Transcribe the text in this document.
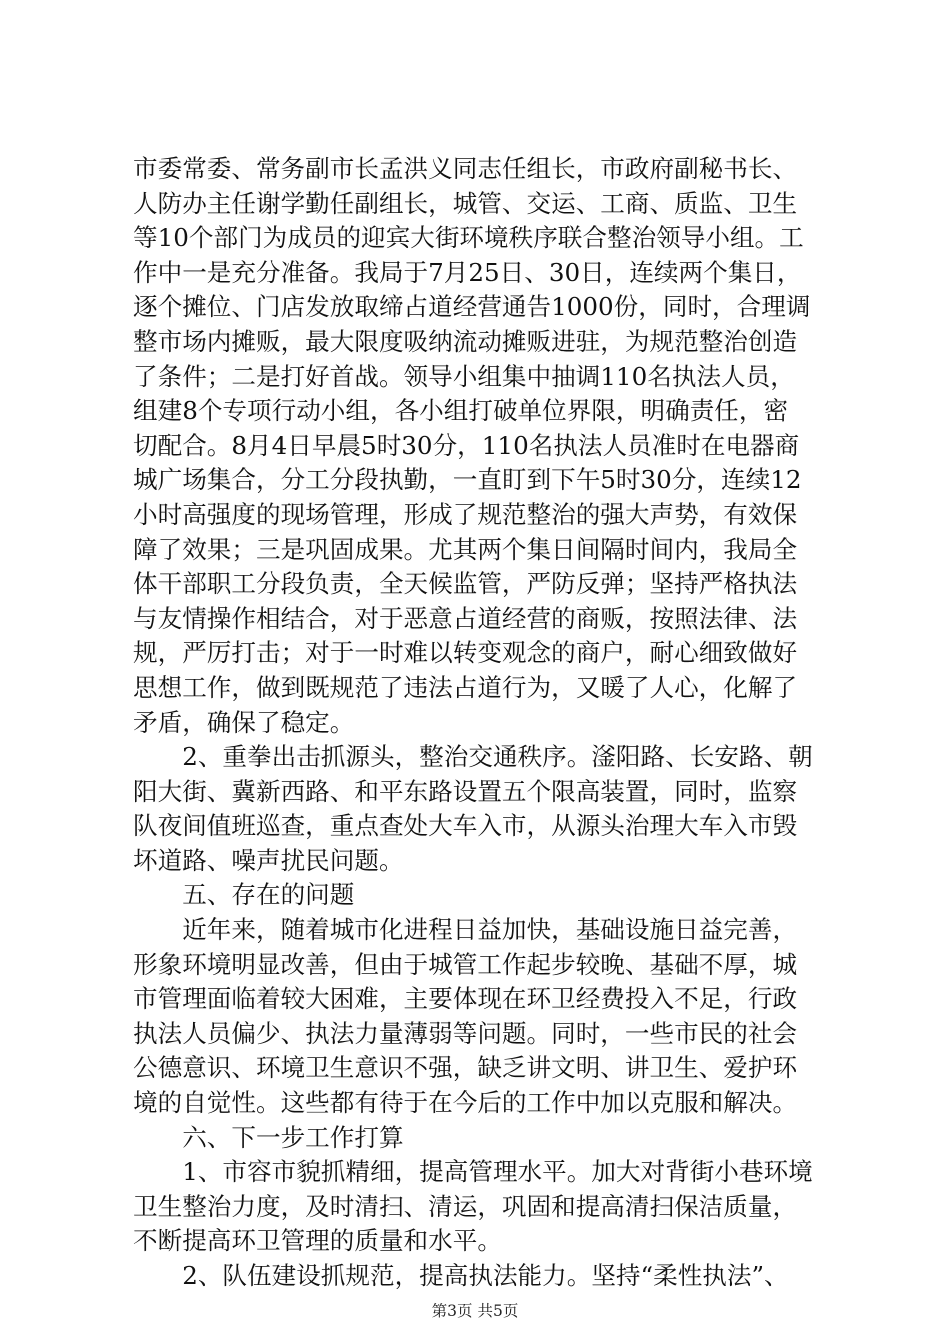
市委常委、常务副市长孟洪义同志任组长，市政府副秘书长、
人防办主任谢学勤任副组长，城管、交运、工商、质监、卫生
等10个部门为成员的迎宾大街环境秩序联合整治领导小组。工
作中一是充分准备。我局于7月25日、30日，连续两个集日，
逐个摊位、门店发放取缔占道经营通告1000份，同时，合理调
整市场内摊贩，最大限度吸纳流动摊贩进驻，为规范整治创造
了条件；二是打好首战。领导小组集中抽调110名执法人员，
组建8个专项行动小组，各小组打破单位界限，明确责任，密
切配合。8月4日早晨5时30分，110名执法人员准时在电器商
城广场集合，分工分段执勤，一直盯到下午5时30分，连续12
小时高强度的现场管理，形成了规范整治的强大声势，有效保
障了效果；三是巩固成果。尤其两个集日间隔时间内，我局全
体干部职工分段负责，全天候监管，严防反弹；坚持严格执法
与友情操作相结合，对于恶意占道经营的商贩，按照法律、法
规，严厉打击；对于一时难以转变观念的商户，耐心细致做好
思想工作，做到既规范了违法占道行为，又暖了人心，化解了
矛盾，确保了稳定。
　　2、重拳出击抓源头，整治交通秩序。滏阳路、长安路、朝
阳大街、冀新西路、和平东路设置五个限高装置，同时，监察
队夜间值班巡查，重点查处大车入市，从源头治理大车入市毁
坏道路、噪声扰民问题。
　　五、存在的问题
　　近年来，随着城市化进程日益加快，基础设施日益完善，
形象环境明显改善，但由于城管工作起步较晚、基础不厚，城
市管理面临着较大困难，主要体现在环卫经费投入不足，行政
执法人员偏少、执法力量薄弱等问题。同时，一些市民的社会
公德意识、环境卫生意识不强，缺乏讲文明、讲卫生、爱护环
境的自觉性。这些都有待于在今后的工作中加以克服和解决。
　　六、下一步工作打算
　　1、市容市貌抓精细，提高管理水平。加大对背街小巷环境
卫生整治力度，及时清扫、清运，巩固和提高清扫保洁质量，
不断提高环卫管理的质量和水平。
　　2、队伍建设抓规范，提高执法能力。坚持“柔性执法”、
第3页 共5页
